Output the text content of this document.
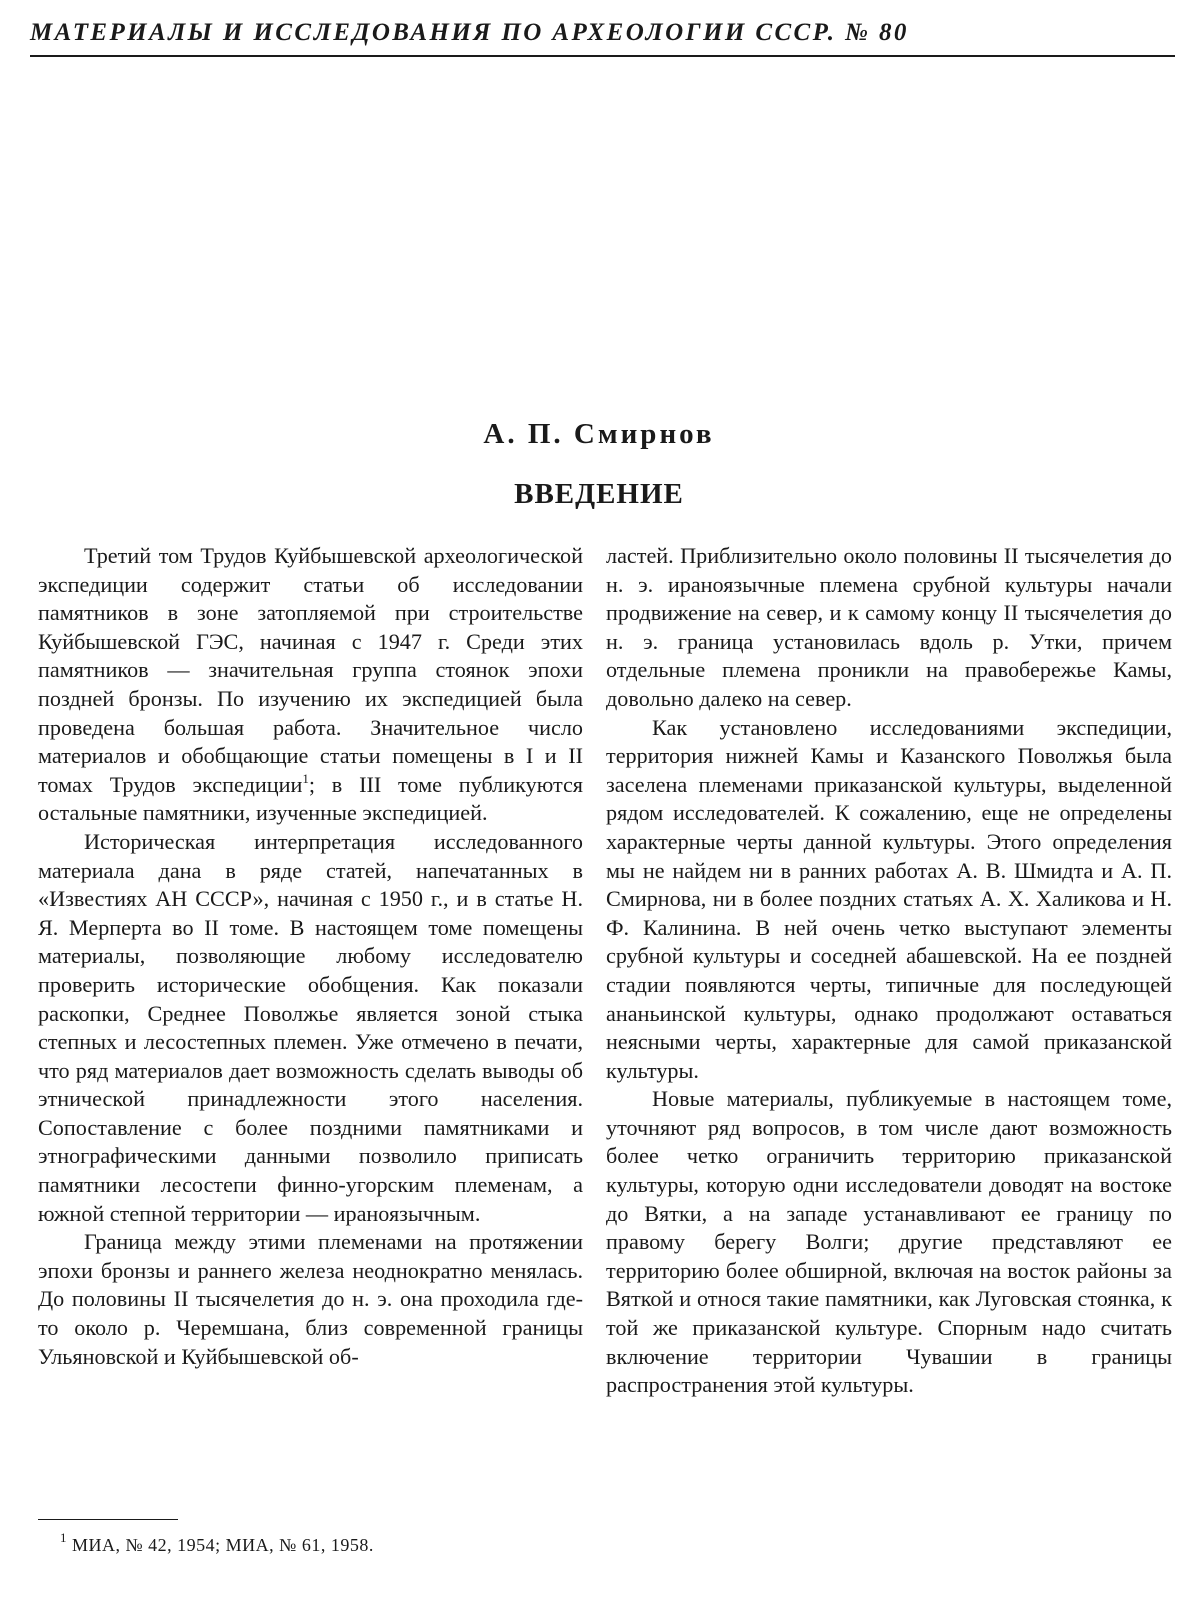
МАТЕРИАЛЫ И ИССЛЕДОВАНИЯ ПО АРХЕОЛОГИИ СССР. № 80
А. П. Смирнов
ВВЕДЕНИЕ

Третий том Трудов Куйбышевской археологической экспедиции содержит статьи об исследовании памятников в зоне затопляемой при строительстве Куйбышевской ГЭС, начиная с 1947 г. Среди этих памятников — значительная группа стоянок эпохи поздней бронзы. По изучению их экспедицией была проведена большая работа. Значительное число материалов и обобщающие статьи помещены в I и II томах Трудов экспедиции$^1$; в III томе публикуются остальные памятники, изученные экспедицией.

Историческая интерпретация исследованного материала дана в ряде статей, напечатанных в «Известиях АН СССР», начиная с 1950 г., и в статье Н. Я. Мерперта во II томе. В настоящем томе помещены материалы, позволяющие любому исследователю проверить исторические обобщения. Как показали раскопки, Среднее Поволжье является зоной стыка степных и лесостепных племен. Уже отмечено в печати, что ряд материалов дает возможность сделать выводы об этнической принадлежности этого населения. Сопоставление с более поздними памятниками и этнографическими данными позволило приписать памятники лесостепи финно-угорским племенам, а южной степной территории — ираноязычным.

Граница между этими племенами на протяжении эпохи бронзы и раннего железа неоднократно менялась. До половины II тысячелетия до н. э. она проходила где-то около р. Черемшана, близ современной границы Ульяновской и Куйбышевской об-

ластей. Приблизительно около половины II тысячелетия до н. э. ираноязычные племена срубной культуры начали продвижение на север, и к самому концу II тысячелетия до н. э. граница установилась вдоль р. Утки, причем отдельные племена проникли на правобережье Камы, довольно далеко на север.

Как установлено исследованиями экспедиции, территория нижней Камы и Казанского Поволжья была заселена племенами приказанской культуры, выделенной рядом исследователей. К сожалению, еще не определены характерные черты данной культуры. Этого определения мы не найдем ни в ранних работах А. В. Шмидта и А. П. Смирнова, ни в более поздних статьях А. Х. Халикова и Н. Ф. Калинина. В ней очень четко выступают элементы срубной культуры и соседней абашевской. На ее поздней стадии появляются черты, типичные для последующей ананьинской культуры, однако продолжают оставаться неясными черты, характерные для самой приказанской культуры.

Новые материалы, публикуемые в настоящем томе, уточняют ряд вопросов, в том числе дают возможность более четко ограничить территорию приказанской культуры, которую одни исследователи доводят на востоке до Вятки, а на западе устанавливают ее границу по правому берегу Волги; другие представляют ее территорию более обширной, включая на восток районы за Вяткой и относя такие памятники, как Луговская стоянка, к той же приказанской культуре. Спорным надо считать включение территории Чувашии в границы распространения этой культуры.

$^1$ МИА, № 42, 1954; МИА, № 61, 1958.
